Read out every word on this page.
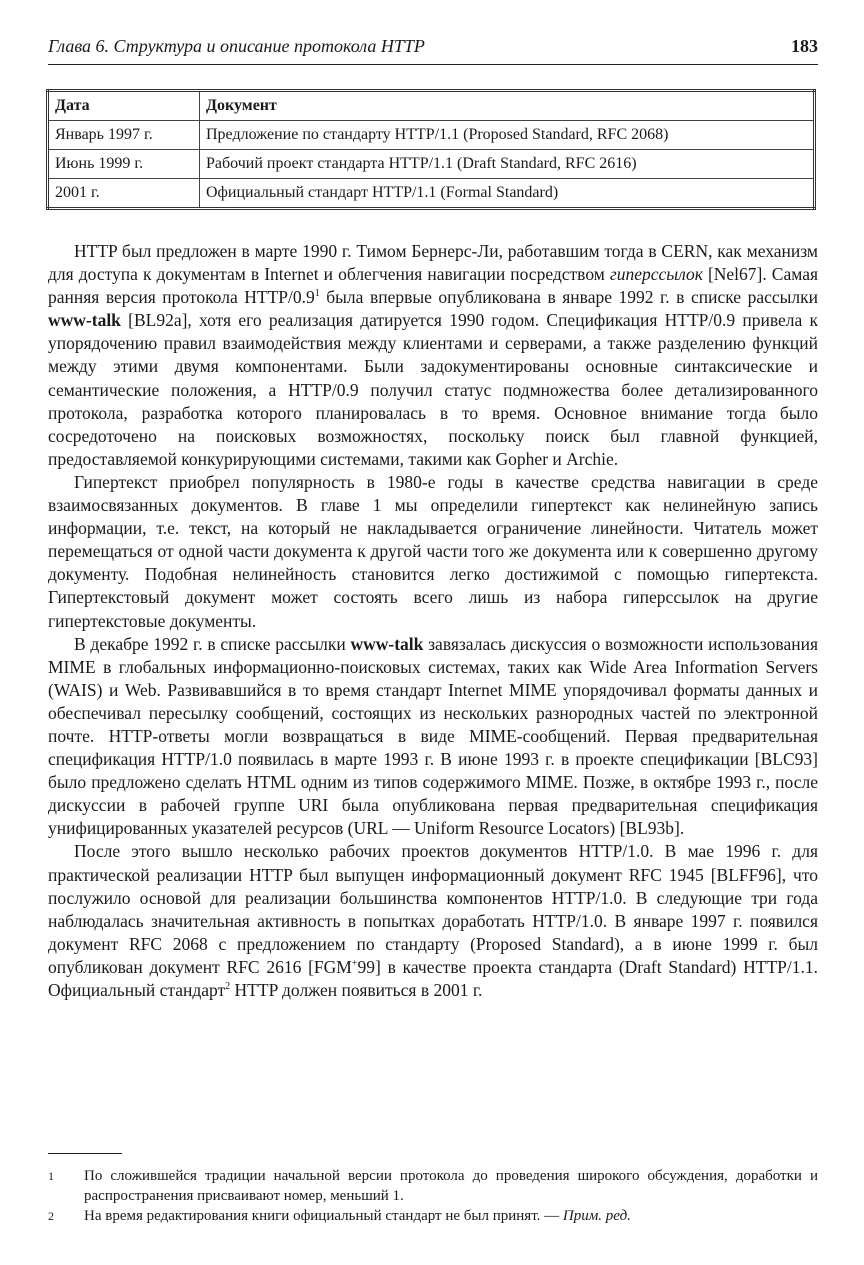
Глава 6. Структура и описание протокола HTTP	183
Дата	Документ
Январь 1997 г.	Предложение по стандарту HTTP/1.1 (Proposed Standard, RFC 2068)
Июнь 1999 г.	Рабочий проект стандарта HTTP/1.1 (Draft Standard, RFC 2616)
2001 г.	Официальный стандарт HTTP/1.1 (Formal Standard)

HTTP был предложен в марте 1990 г. Тимом Бернерс-Ли, работавшим тогда в CERN, как механизм для доступа к документам в Internet и облегчения навигации посредством гиперссылок [Nel67]. Самая ранняя версия протокола HTTP/$0.9^1$ была впервые опубликована в январе 1992 г. в списке рассылки www-talk [BL92a], хотя его реализация датируется 1990 годом. Спецификация HTTP/0.9 привела к упорядочению правил взаимодействия между клиентами и серверами, а также разделению функций между этими двумя компонентами. Были задокументированы основные синтаксические и семантические положения, а HTTP/0.9 получил статус подмножества более детализированного протокола, разработка которого планировалась в то время. Основное внимание тогда было сосредоточено на поисковых возможностях, поскольку поиск был главной функцией, предоставляемой конкурирующими системами, такими как Gopher и Archie.

Гипертекст приобрел популярность в 1980-е годы в качестве средства навигации в среде взаимосвязанных документов. В главе 1 мы определили гипертекст как нелинейную запись информации, т.е. текст, на который не накладывается ограничение линейности. Читатель может перемещаться от одной части документа к другой части того же документа или к совершенно другому документу. Подобная нелинейность становится легко достижимой с помощью гипертекста. Гипертекстовый документ может состоять всего лишь из набора гиперссылок на другие гипертекстовые документы.

В декабре 1992 г. в списке рассылки www-talk завязалась дискуссия о возможности использования MIME в глобальных информационно-поисковых системах, таких как Wide Area Information Servers (WAIS) и Web. Развивавшийся в то время стандарт Internet MIME упорядочивал форматы данных и обеспечивал пересылку сообщений, состоящих из нескольких разнородных частей по электронной почте. HTTP-ответы могли возвращаться в виде MIME-сообщений. Первая предварительная спецификация HTTP/1.0 появилась в марте 1993 г. В июне 1993 г. в проекте спецификации [BLC93] было предложено сделать HTML одним из типов содержимого MIME. Позже, в октябре 1993 г., после дискуссии в рабочей группе URI была опубликована первая предварительная спецификация унифицированных указателей ресурсов (URL — Uniform Resource Locators) [BL93b].

После этого вышло несколько рабочих проектов документов HTTP/1.0. В мае 1996 г. для практической реализации HTTP был выпущен информационный документ RFC 1945 [BLFF96], что послужило основой для реализации большинства компонентов HTTP/1.0. В следующие три года наблюдалась значительная активность в попытках доработать HTTP/1.0. В январе 1997 г. появился документ RFC 2068 с предложением по стандарту (Proposed Standard), а в июне 1999 г. был опубликован документ RFC 2616 [FGM+99] в качестве проекта стандарта (Draft Standard) HTTP/1.1. Официальный стандарт$^2$ HTTP должен появиться в 2001 г.

1 По сложившейся традиции начальной версии протокола до проведения широкого обсуждения, доработки и распространения присваивают номер, меньший 1.
2 На время редактирования книги официальный стандарт не был принят. — Прим. ред.
